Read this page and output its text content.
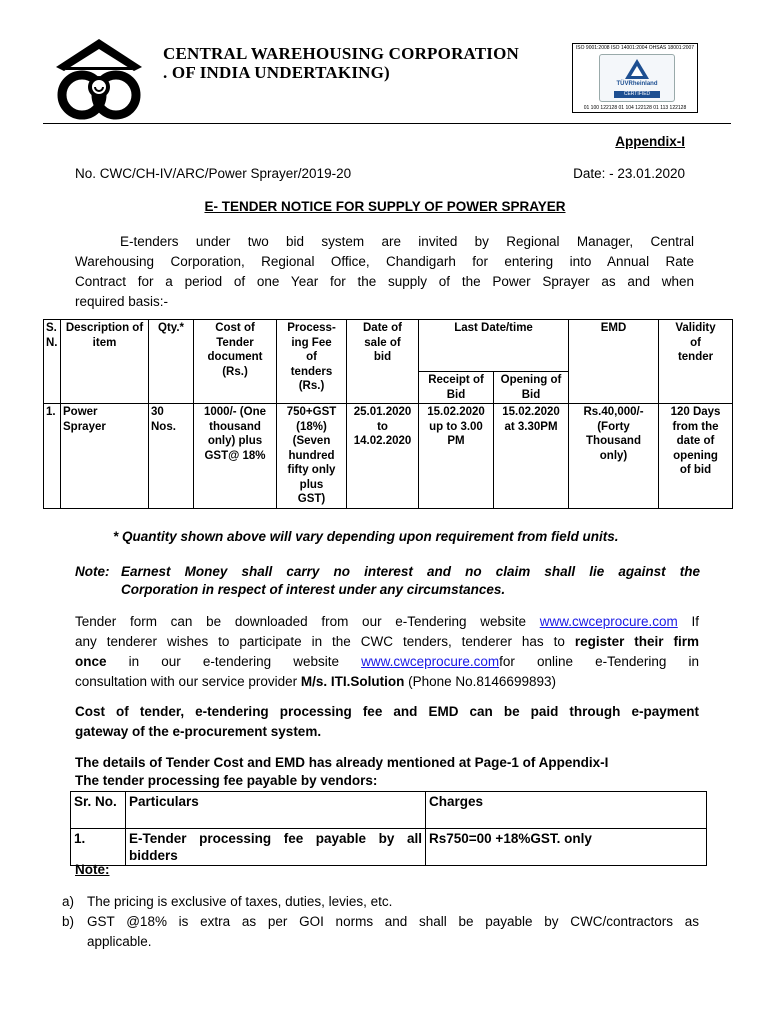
CENTRAL WAREHOUSING CORPORATION
. OF INDIA UNDERTAKING)
ISO 9001:2008 ISO 14001:2004 OHSAS 18001:2007
TÜVRheinland
CERTIFIED
01 100 122128 01 104 122128 01 113 122128
Appendix-I
No. CWC/CH-IV/ARC/Power Sprayer/2019-20	Date: - 23.01.2020
E- TENDER NOTICE FOR SUPPLY OF POWER SPRAYER
E-tenders under two bid system are invited by Regional Manager, Central
Warehousing Corporation, Regional Office, Chandigarh for entering into Annual Rate
Contract for a period of one Year for the supply of the Power Sprayer as and when
required basis:-
S. N.	Description of item	Qty.*	Cost of Tender document (Rs.)	Process-ing Fee of tenders (Rs.)	Date of sale of bid	Last Date/time		EMD	Validity of tender
						Receipt of Bid	Opening of Bid		
1.	Power Sprayer	30 Nos.	1000/- (One thousand only) plus GST@ 18%	750+GST (18%) (Seven hundred fifty only plus GST)	25.01.2020 to 14.02.2020	15.02.2020 up to 3.00 PM	15.02.2020 at 3.30PM	Rs.40,000/- (Forty Thousand only)	120 Days from the date of opening of bid
* Quantity shown above will vary depending upon requirement from field units.
Note: Earnest Money shall carry no interest and no claim shall lie against the
Corporation in respect of interest under any circumstances.
Tender form can be downloaded from our e-Tendering website www.cwceprocure.com If
any tenderer wishes to participate in the CWC tenders, tenderer has to register their firm
once in our e-tendering website www.cwceprocure.comfor online e-Tendering in
consultation with our service provider M/s. ITI.Solution (Phone No.8146699893)
Cost of tender, e-tendering processing fee and EMD can be paid through e-payment
gateway of the e-procurement system.
The details of Tender Cost and EMD has already mentioned at Page-1 of Appendix-I
The tender processing fee payable by vendors:
Sr. No.	Particulars	Charges
1.	E-Tender processing fee payable by all bidders	Rs750=00 +18%GST. only
Note:
a) The pricing is exclusive of taxes, duties, levies, etc.
b) GST @18% is extra as per GOI norms and shall be payable by CWC/contractors as
applicable.
